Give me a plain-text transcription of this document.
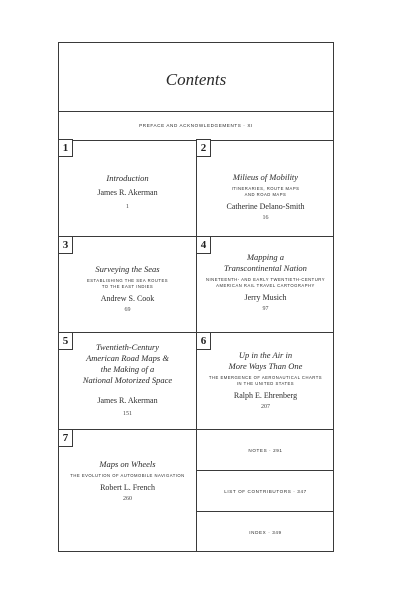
Contents
PREFACE AND ACKNOWLEDGEMENTS · XI
1
Introduction
James R. Akerman
1
2
Milieus of Mobility
ITINERARIES, ROUTE MAPS
AND ROAD MAPS
Catherine Delano-Smith
16
3
Surveying the Seas
ESTABLISHING THE SEA ROUTES
TO THE EAST INDIES
Andrew S. Cook
69
4
Mapping a
Transcontinental Nation
NINETEENTH- AND EARLY TWENTIETH-CENTURY
AMERICAN RAIL TRAVEL CARTOGRAPHY
Jerry Musich
97
5	Twentieth-Century
American Road Maps &
the Making of a
National Motorized Space
James R. Akerman
151
6
Up in the Air in
More Ways Than One
THE EMERGENCE OF AERONAUTICAL CHARTS
IN THE UNITED STATES
Ralph E. Ehrenberg
207
7
Maps on Wheels
THE EVOLUTION OF AUTOMOBILE NAVIGATION
Robert L. French
260
NOTES · 291
LIST OF CONTRIBUTORS · 347
INDEX · 349
